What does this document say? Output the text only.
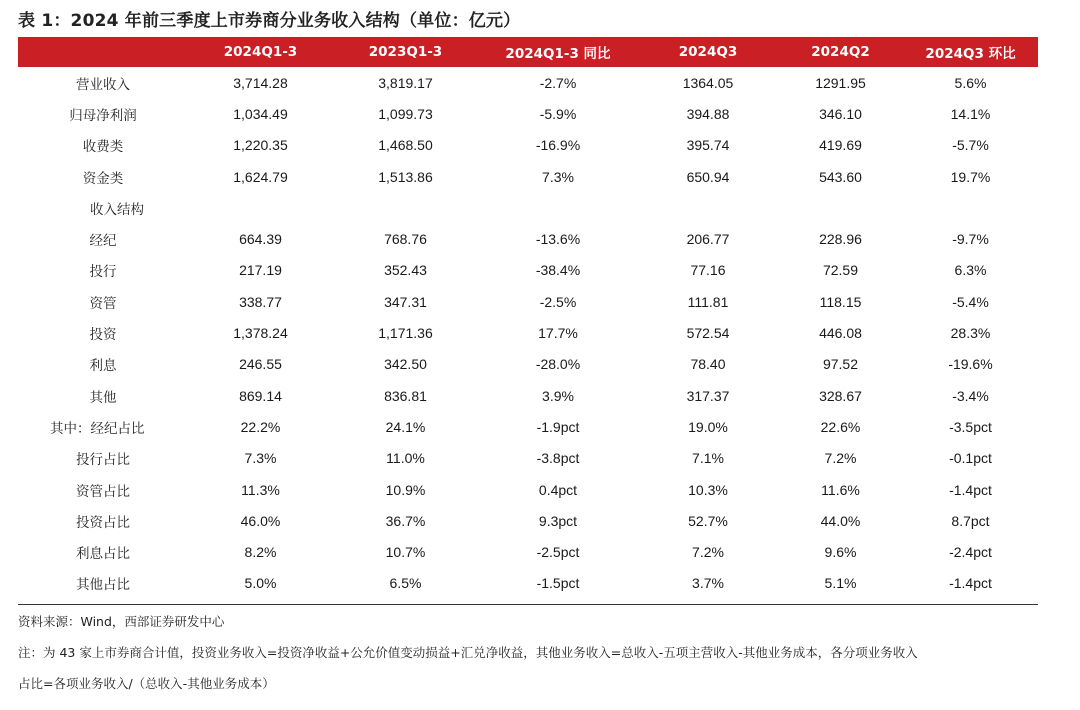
表 1：2024 年前三季度上市券商分业务收入结构（单位：亿元）
	2024Q1-3	2023Q1-3	2024Q1-3 同比	2024Q3	2024Q2	2024Q3 环比
营业收入	3,714.28	3,819.17	-2.7%	1364.05	1291.95	5.6%
归母净利润	1,034.49	1,099.73	-5.9%	394.88	346.10	14.1%
收费类	1,220.35	1,468.50	-16.9%	395.74	419.69	-5.7%
资金类	1,624.79	1,513.86	7.3%	650.94	543.60	19.7%
收入结构						
经纪	664.39	768.76	-13.6%	206.77	228.96	-9.7%
投行	217.19	352.43	-38.4%	77.16	72.59	6.3%
资管	338.77	347.31	-2.5%	111.81	118.15	-5.4%
投资	1,378.24	1,171.36	17.7%	572.54	446.08	28.3%
利息	246.55	342.50	-28.0%	78.40	97.52	-19.6%
其他	869.14	836.81	3.9%	317.37	328.67	-3.4%
其中：经纪占比	22.2%	24.1%	-1.9pct	19.0%	22.6%	-3.5pct
投行占比	7.3%	11.0%	-3.8pct	7.1%	7.2%	-0.1pct
资管占比	11.3%	10.9%	0.4pct	10.3%	11.6%	-1.4pct
投资占比	46.0%	36.7%	9.3pct	52.7%	44.0%	8.7pct
利息占比	8.2%	10.7%	-2.5pct	7.2%	9.6%	-2.4pct
其他占比	5.0%	6.5%	-1.5pct	3.7%	5.1%	-1.4pct
资料来源：Wind，西部证券研发中心
注：为 43 家上市券商合计值，投资业务收入=投资净收益+公允价值变动损益+汇兑净收益，其他业务收入=总收入-五项主营收入-其他业务成本，各分项业务收入
占比=各项业务收入/（总收入-其他业务成本）
